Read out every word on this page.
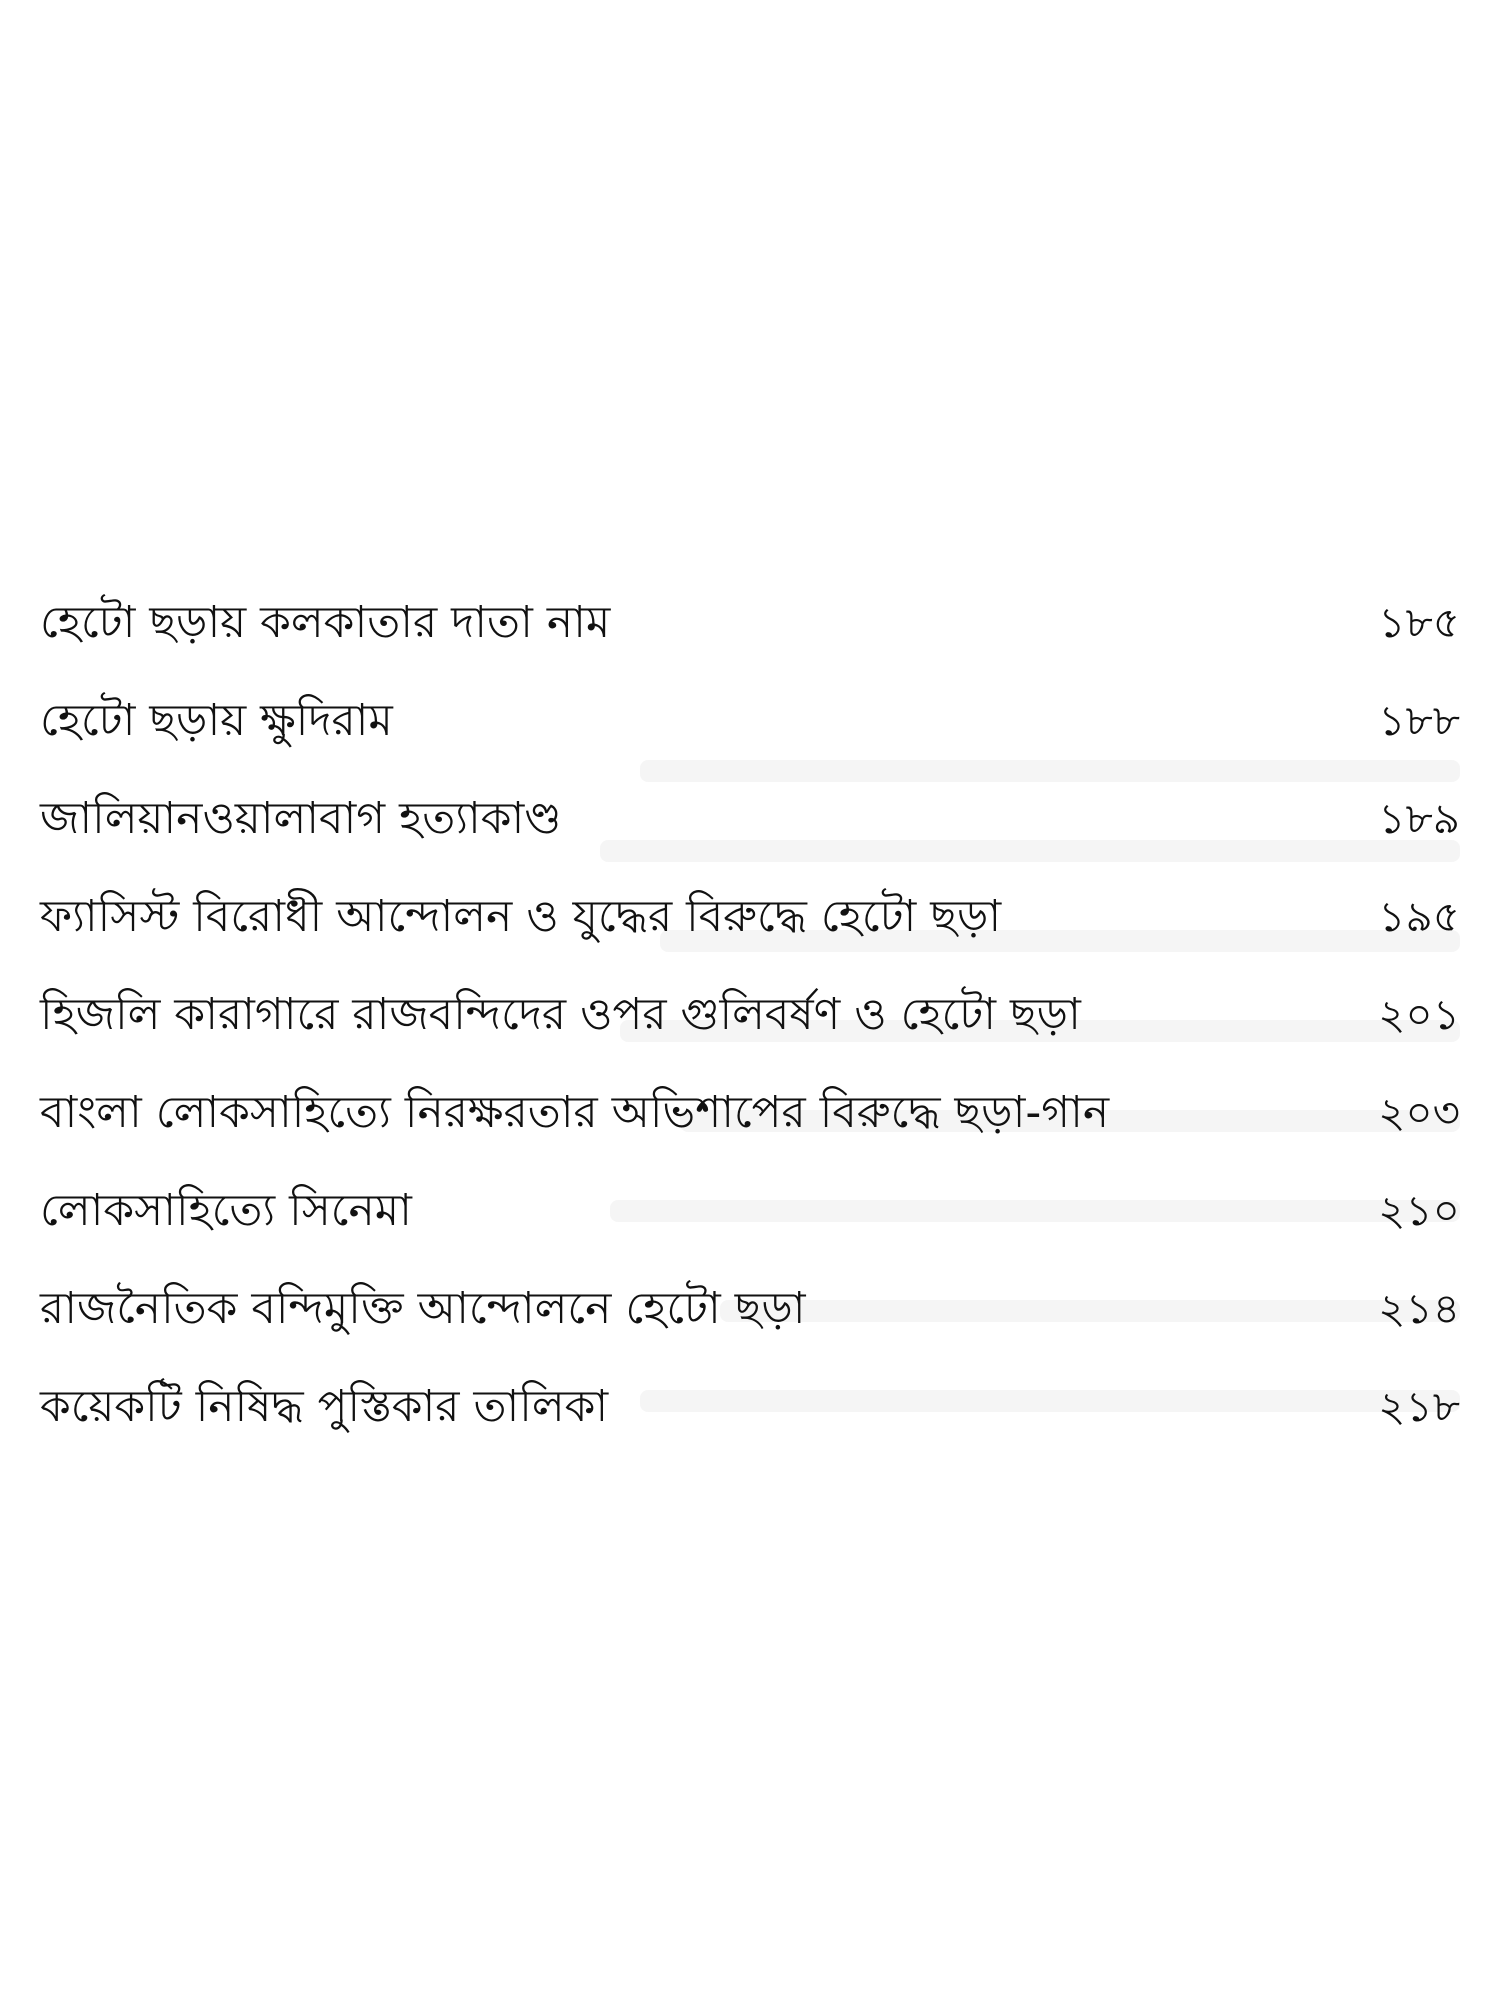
হেটো ছড়ায় কলকাতার দাতা নাম	১৮৫
হেটো ছড়ায় ক্ষুদিরাম	১৮৮
জালিয়ানওয়ালাবাগ হত্যাকাণ্ড	১৮৯
ফ্যাসিস্ট বিরোধী আন্দোলন ও যুদ্ধের বিরুদ্ধে হেটো ছড়া	১৯৫
হিজলি কারাগারে রাজবন্দিদের ওপর গুলিবর্ষণ ও হেটো ছড়া	২০১
বাংলা লোকসাহিত্যে নিরক্ষরতার অভিশাপের বিরুদ্ধে ছড়া-গান	২০৩
লোকসাহিত্যে সিনেমা	২১০
রাজনৈতিক বন্দিমুক্তি আন্দোলনে হেটো ছড়া	২১৪
কয়েকটি নিষিদ্ধ পুস্তিকার তালিকা	২১৮
